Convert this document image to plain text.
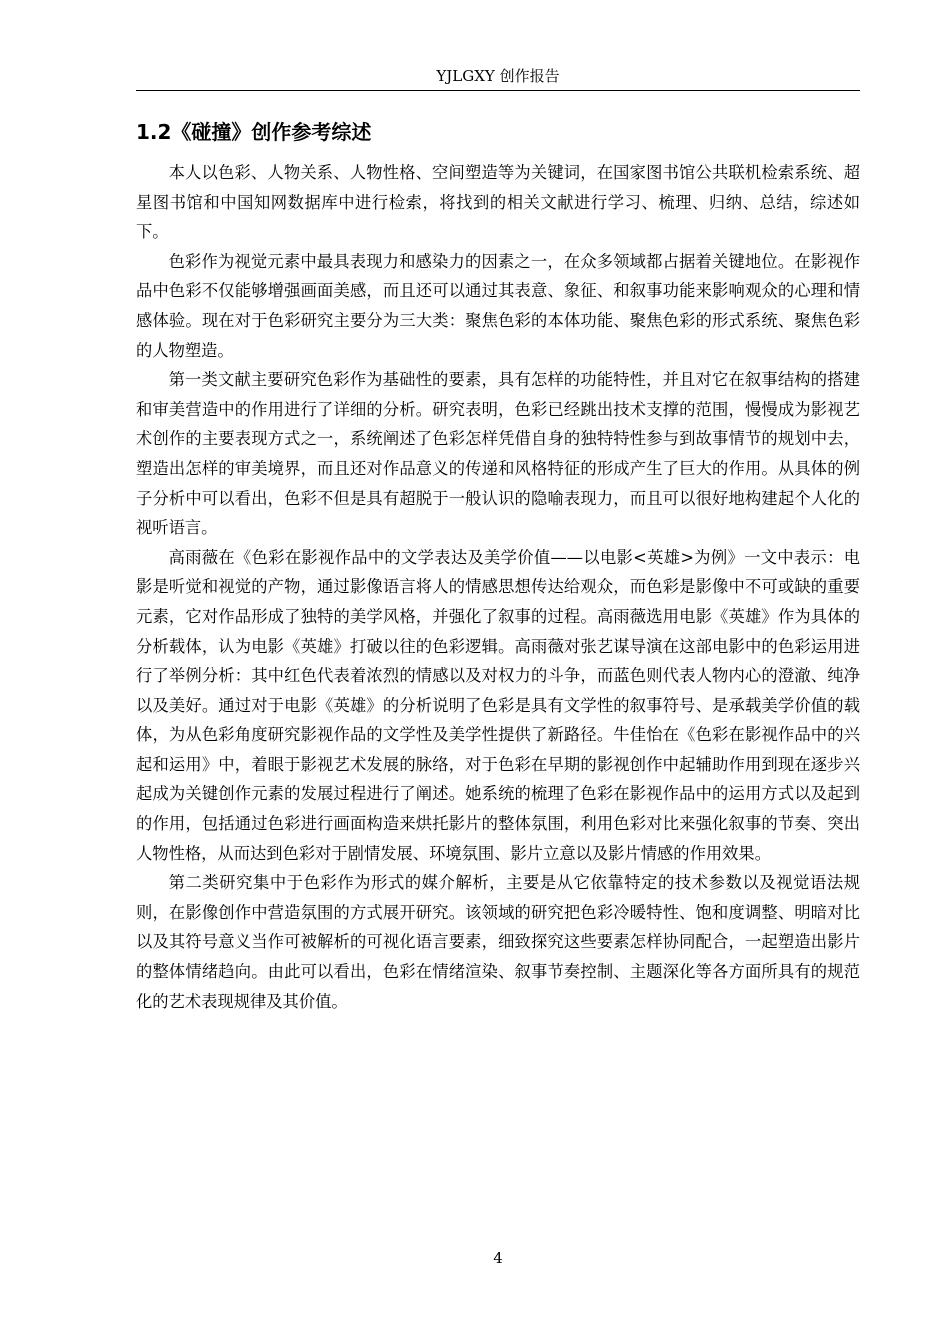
YJLGXY 创作报告
1.2《碰撞》创作参考综述

本人以色彩、人物关系、人物性格、空间塑造等为关键词，在国家图书馆公共联机检索系统、超星图书馆和中国知网数据库中进行检索，将找到的相关文献进行学习、梳理、归纳、总结，综述如下。

色彩作为视觉元素中最具表现力和感染力的因素之一，在众多领域都占据着关键地位。在影视作品中色彩不仅能够增强画面美感，而且还可以通过其表意、象征、和叙事功能来影响观众的心理和情感体验。现在对于色彩研究主要分为三大类：聚焦色彩的本体功能、聚焦色彩的形式系统、聚焦色彩的人物塑造。

第一类文献主要研究色彩作为基础性的要素，具有怎样的功能特性，并且对它在叙事结构的搭建和审美营造中的作用进行了详细的分析。研究表明，色彩已经跳出技术支撑的范围，慢慢成为影视艺术创作的主要表现方式之一，系统阐述了色彩怎样凭借自身的独特特性参与到故事情节的规划中去，塑造出怎样的审美境界，而且还对作品意义的传递和风格特征的形成产生了巨大的作用。从具体的例子分析中可以看出，色彩不但是具有超脱于一般认识的隐喻表现力，而且可以很好地构建起个人化的视听语言。

高雨薇在《色彩在影视作品中的文学表达及美学价值——以电影<英雄>为例》一文中表示：电影是听觉和视觉的产物，通过影像语言将人的情感思想传达给观众，而色彩是影像中不可或缺的重要元素，它对作品形成了独特的美学风格，并强化了叙事的过程。高雨薇选用电影《英雄》作为具体的分析载体，认为电影《英雄》打破以往的色彩逻辑。高雨薇对张艺谋导演在这部电影中的色彩运用进行了举例分析：其中红色代表着浓烈的情感以及对权力的斗争，而蓝色则代表人物内心的澄澈、纯净以及美好。通过对于电影《英雄》的分析说明了色彩是具有文学性的叙事符号、是承载美学价值的载体，为从色彩角度研究影视作品的文学性及美学性提供了新路径。牛佳怡在《色彩在影视作品中的兴起和运用》中，着眼于影视艺术发展的脉络，对于色彩在早期的影视创作中起辅助作用到现在逐步兴起成为关键创作元素的发展过程进行了阐述。她系统的梳理了色彩在影视作品中的运用方式以及起到的作用，包括通过色彩进行画面构造来烘托影片的整体氛围，利用色彩对比来强化叙事的节奏、突出人物性格，从而达到色彩对于剧情发展、环境氛围、影片立意以及影片情感的作用效果。

第二类研究集中于色彩作为形式的媒介解析，主要是从它依靠特定的技术参数以及视觉语法规则，在影像创作中营造氛围的方式展开研究。该领域的研究把色彩冷暖特性、饱和度调整、明暗对比以及其符号意义当作可被解析的可视化语言要素，细致探究这些要素怎样协同配合，一起塑造出影片的整体情绪趋向。由此可以看出，色彩在情绪渲染、叙事节奏控制、主题深化等各方面所具有的规范化的艺术表现规律及其价值。

4
